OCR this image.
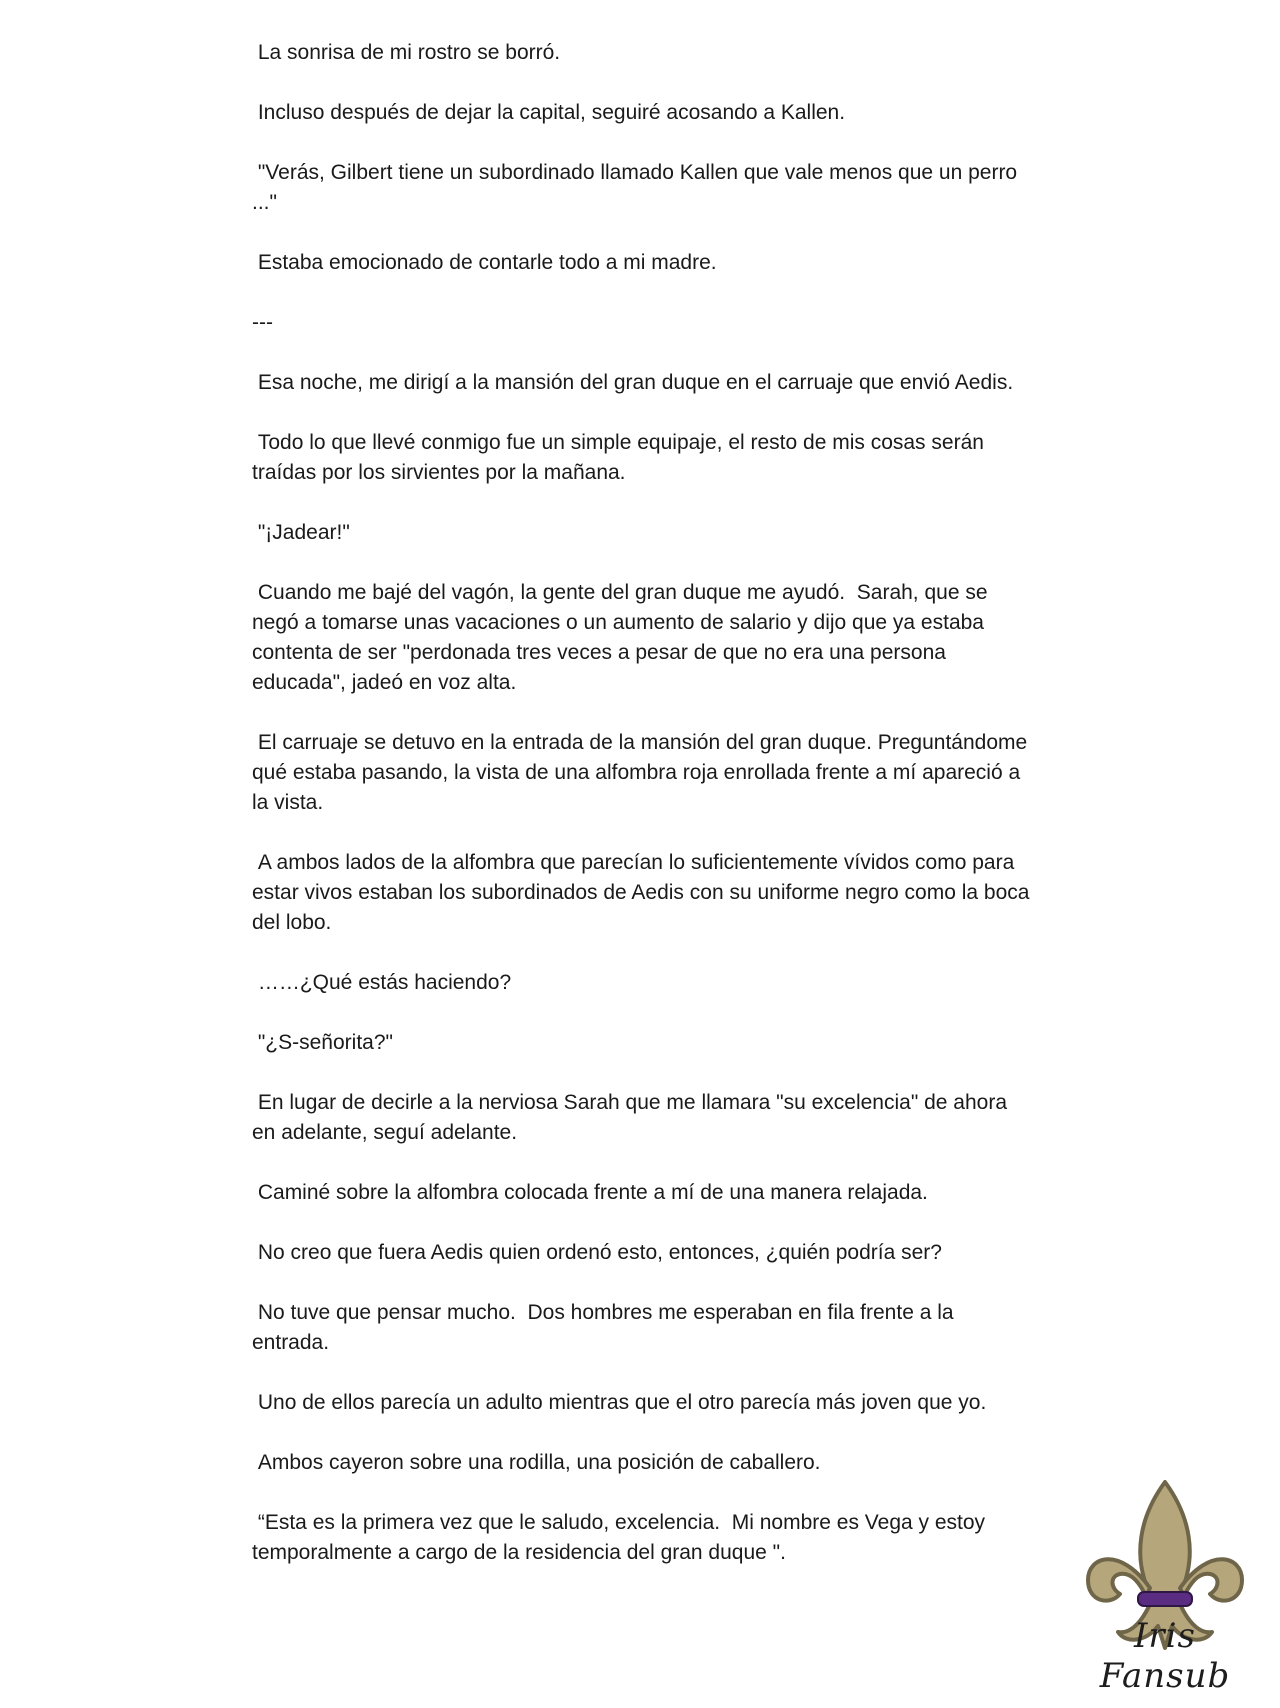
La sonrisa de mi rostro se borró.

Incluso después de dejar la capital, seguiré acosando a Kallen.

"Verás, Gilbert tiene un subordinado llamado Kallen que vale menos que un perro ..."

Estaba emocionado de contarle todo a mi madre.

---

Esa noche, me dirigí a la mansión del gran duque en el carruaje que envió Aedis.

Todo lo que llevé conmigo fue un simple equipaje, el resto de mis cosas serán traídas por los sirvientes por la mañana.

"¡Jadear!"

Cuando me bajé del vagón, la gente del gran duque me ayudó.  Sarah, que se negó a tomarse unas vacaciones o un aumento de salario y dijo que ya estaba contenta de ser "perdonada tres veces a pesar de que no era una persona educada", jadeó en voz alta.

El carruaje se detuvo en la entrada de la mansión del gran duque. Preguntándome qué estaba pasando, la vista de una alfombra roja enrollada frente a mí apareció a la vista.

A ambos lados de la alfombra que parecían lo suficientemente vívidos como para estar vivos estaban los subordinados de Aedis con su uniforme negro como la boca del lobo.

……¿Qué estás haciendo?

"¿S-señorita?"

En lugar de decirle a la nerviosa Sarah que me llamara "su excelencia" de ahora en adelante, seguí adelante.

Caminé sobre la alfombra colocada frente a mí de una manera relajada.

No creo que fuera Aedis quien ordenó esto, entonces, ¿quién podría ser?

No tuve que pensar mucho.  Dos hombres me esperaban en fila frente a la entrada.

Uno de ellos parecía un adulto mientras que el otro parecía más joven que yo.

Ambos cayeron sobre una rodilla, una posición de caballero.

“Esta es la primera vez que le saludo, excelencia.  Mi nombre es Vega y estoy temporalmente a cargo de la residencia del gran duque ".

Iris Fansub
